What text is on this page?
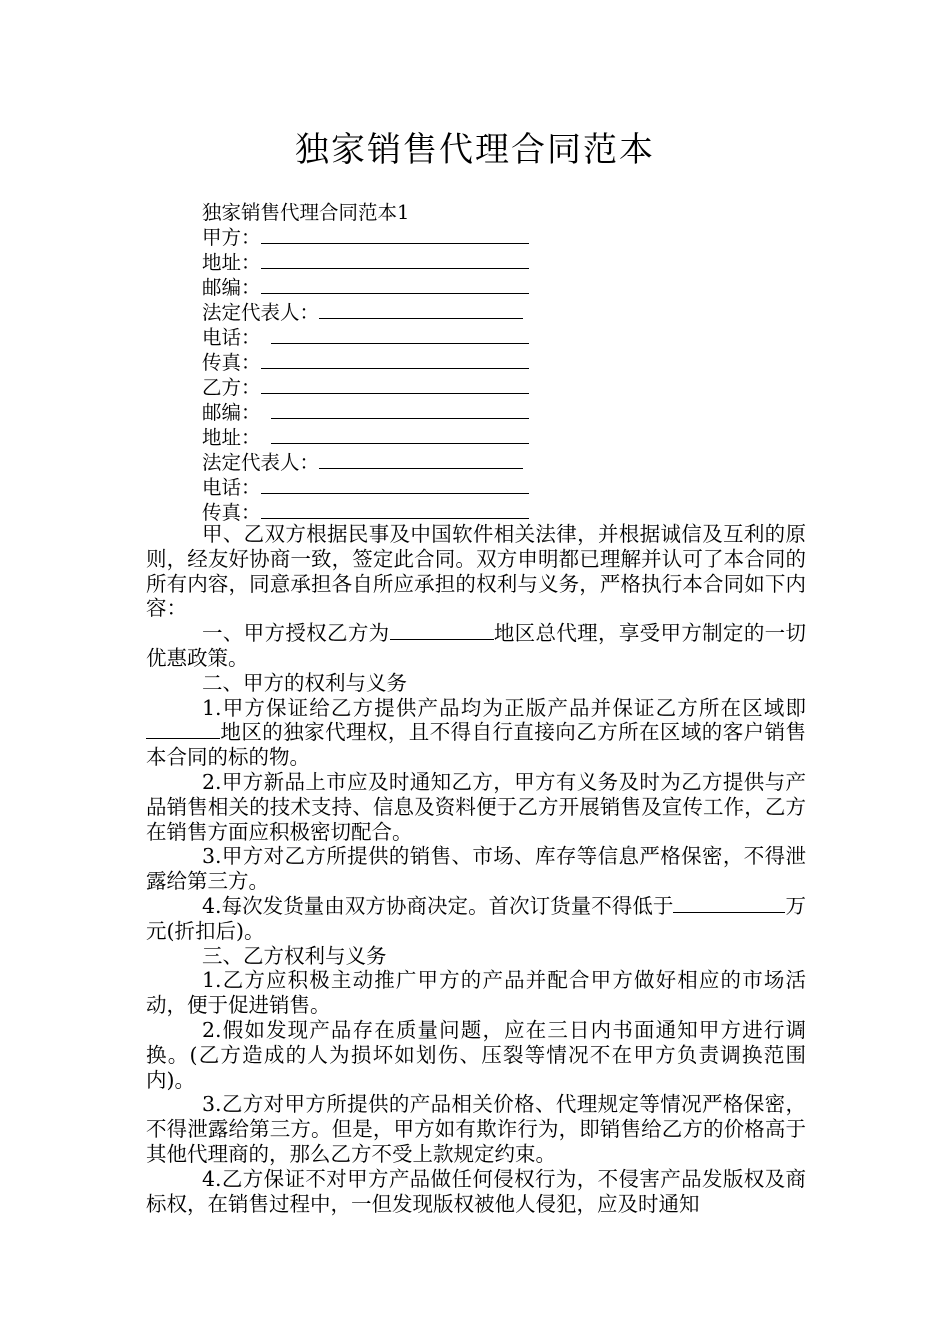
独家销售代理合同范本
独家销售代理合同范本1
甲方：
地址：
邮编：
法定代表人：
电话：
传真：
乙方：
邮编：
地址：
法定代表人：
电话：
传真：

甲、乙双方根据民事及中国软件相关法律，并根据诚信及互利的原则，经友好协商一致，签定此合同。双方申明都已理解并认可了本合同的所有内容，同意承担各自所应承担的权利与义务，严格执行本合同如下内容：

一、甲方授权乙方为	地区总代理，享受甲方制定的一切优惠政策。

二、甲方的权利与义务

1.甲方保证给乙方提供产品均为正版产品并保证乙方所在区域即地区的独家代理权，且不得自行直接向乙方所在区域的客户销售本合同的标的物。

2.甲方新品上市应及时通知乙方，甲方有义务及时为乙方提供与产品销售相关的技术支持、信息及资料便于乙方开展销售及宣传工作，乙方在销售方面应积极密切配合。

3.甲方对乙方所提供的销售、市场、库存等信息严格保密，不得泄露给第三方。

4.每次发货量由双方协商决定。首次订货量不得低于	万元(折扣后)。

三、乙方权利与义务

1.乙方应积极主动推广甲方的产品并配合甲方做好相应的市场活动，便于促进销售。

2.假如发现产品存在质量问题，应在三日内书面通知甲方进行调换。(乙方造成的人为损坏如划伤、压裂等情况不在甲方负责调换范围内)。

3.乙方对甲方所提供的产品相关价格、代理规定等情况严格保密，不得泄露给第三方。但是，甲方如有欺诈行为，即销售给乙方的价格高于其他代理商的，那么乙方不受上款规定约束。

4.乙方保证不对甲方产品做任何侵权行为，不侵害产品发版权及商标权，在销售过程中，一但发现版权被他人侵犯，应及时通知
